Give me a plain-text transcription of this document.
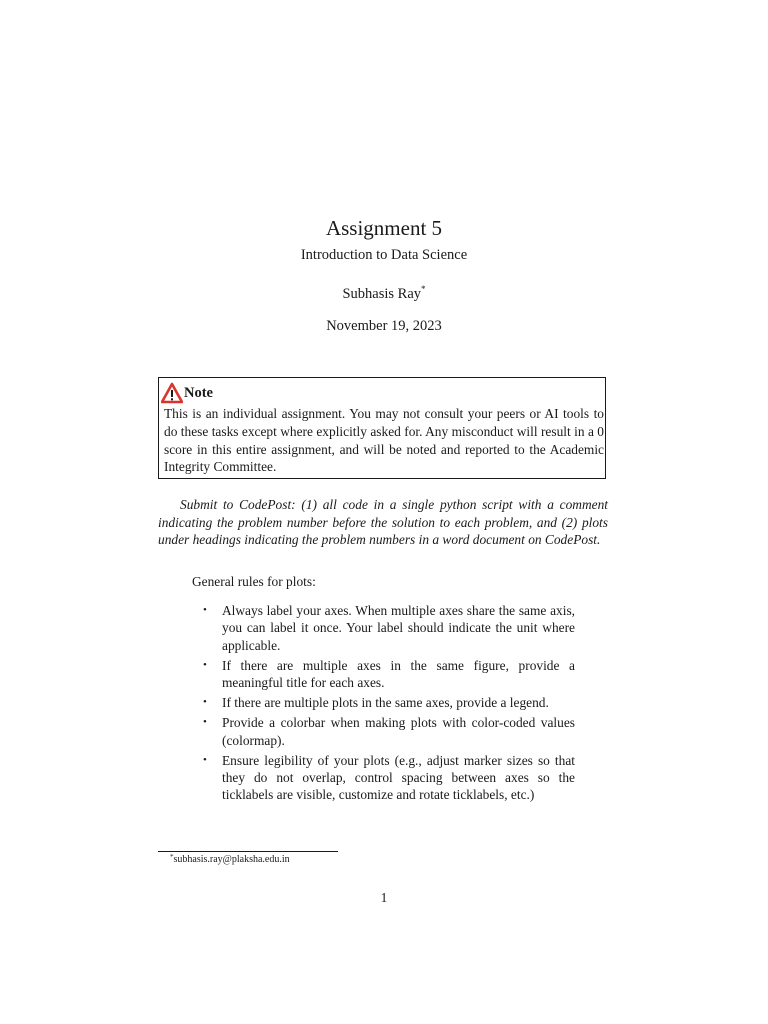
Assignment 5
Introduction to Data Science
Subhasis Ray*
November 19, 2023
Note
This is an individual assignment. You may not consult your peers or AI tools to do these tasks except where explicitly asked for. Any misconduct will result in a 0 score in this entire assignment, and will be noted and reported to the Academic Integrity Committee.
Submit to CodePost: (1) all code in a single python script with a comment indicating the problem number before the solution to each problem, and (2) plots under headings indicating the problem numbers in a word document on CodePost.
General rules for plots:
• Always label your axes. When multiple axes share the same axis, you can label it once. Your label should indicate the unit where applicable.
• If there are multiple axes in the same figure, provide a meaningful title for each axes.
• If there are multiple plots in the same axes, provide a legend.
• Provide a colorbar when making plots with color-coded values (colormap).
• Ensure legibility of your plots (e.g., adjust marker sizes so that they do not overlap, control spacing between axes so the ticklabels are visible, customize and rotate ticklabels, etc.)
*subhasis.ray@plaksha.edu.in
1
